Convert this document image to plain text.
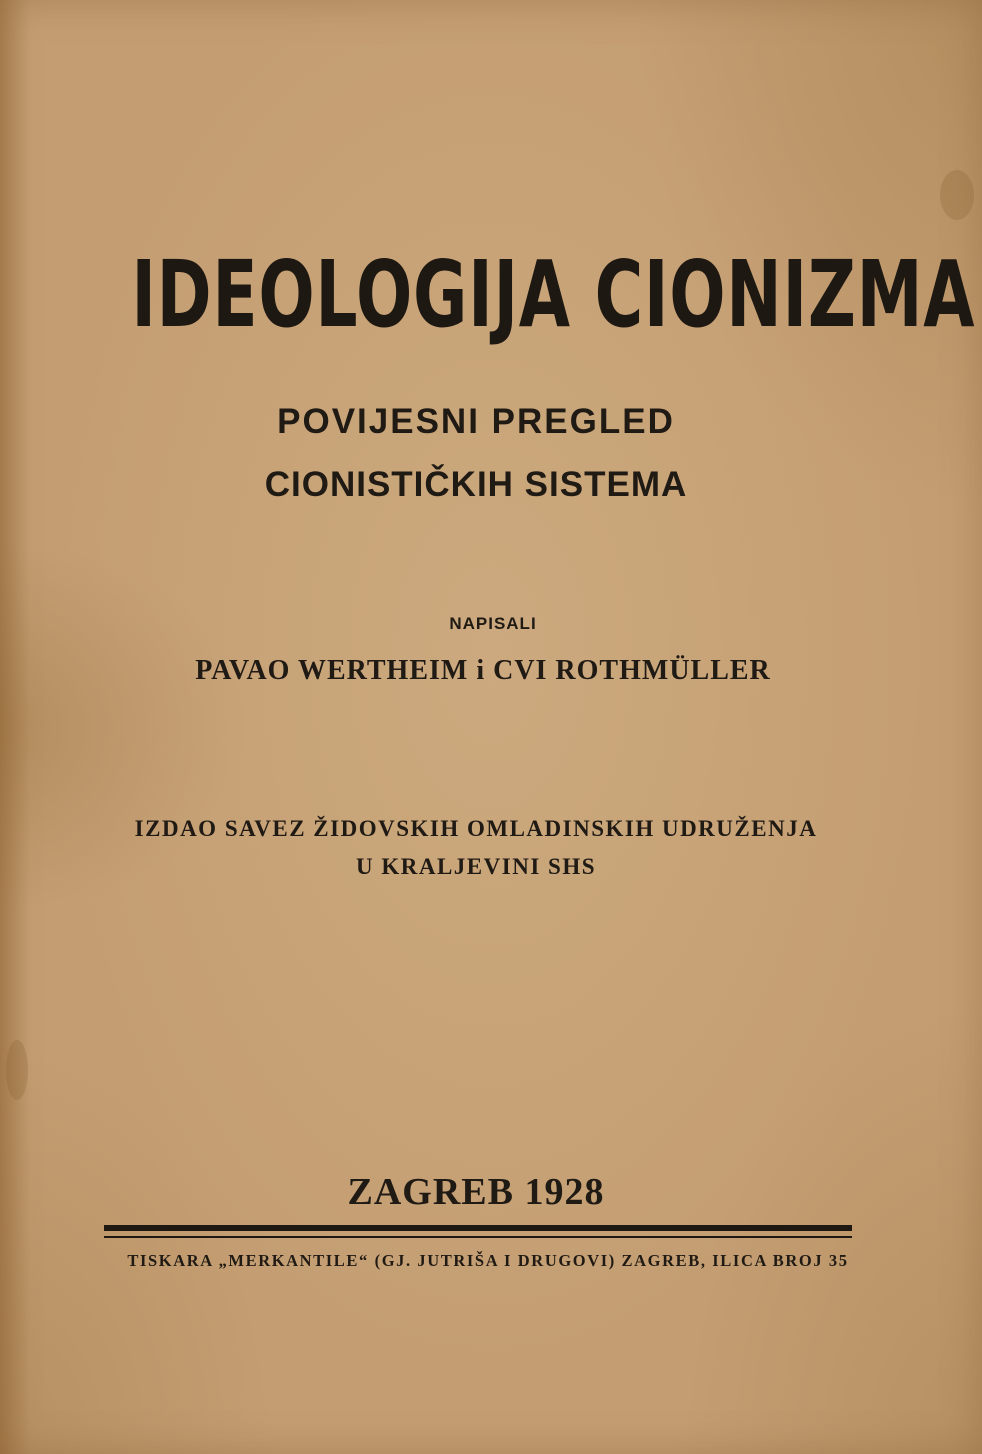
IDEOLOGIJA CIONIZMA
POVIJESNI PREGLED
CIONISTIČKIH SISTEMA
NAPISALI
PAVAO WERTHEIM i CVI ROTHMÜLLER
IZDAO SAVEZ ŽIDOVSKIH OMLADINSKIH UDRUŽENJA
U KRALJEVINI SHS
ZAGREB 1928
TISKARA „MERKANTILE“ (GJ. JUTRIŠA I DRUGOVI) ZAGREB, ILICA BROJ 35
